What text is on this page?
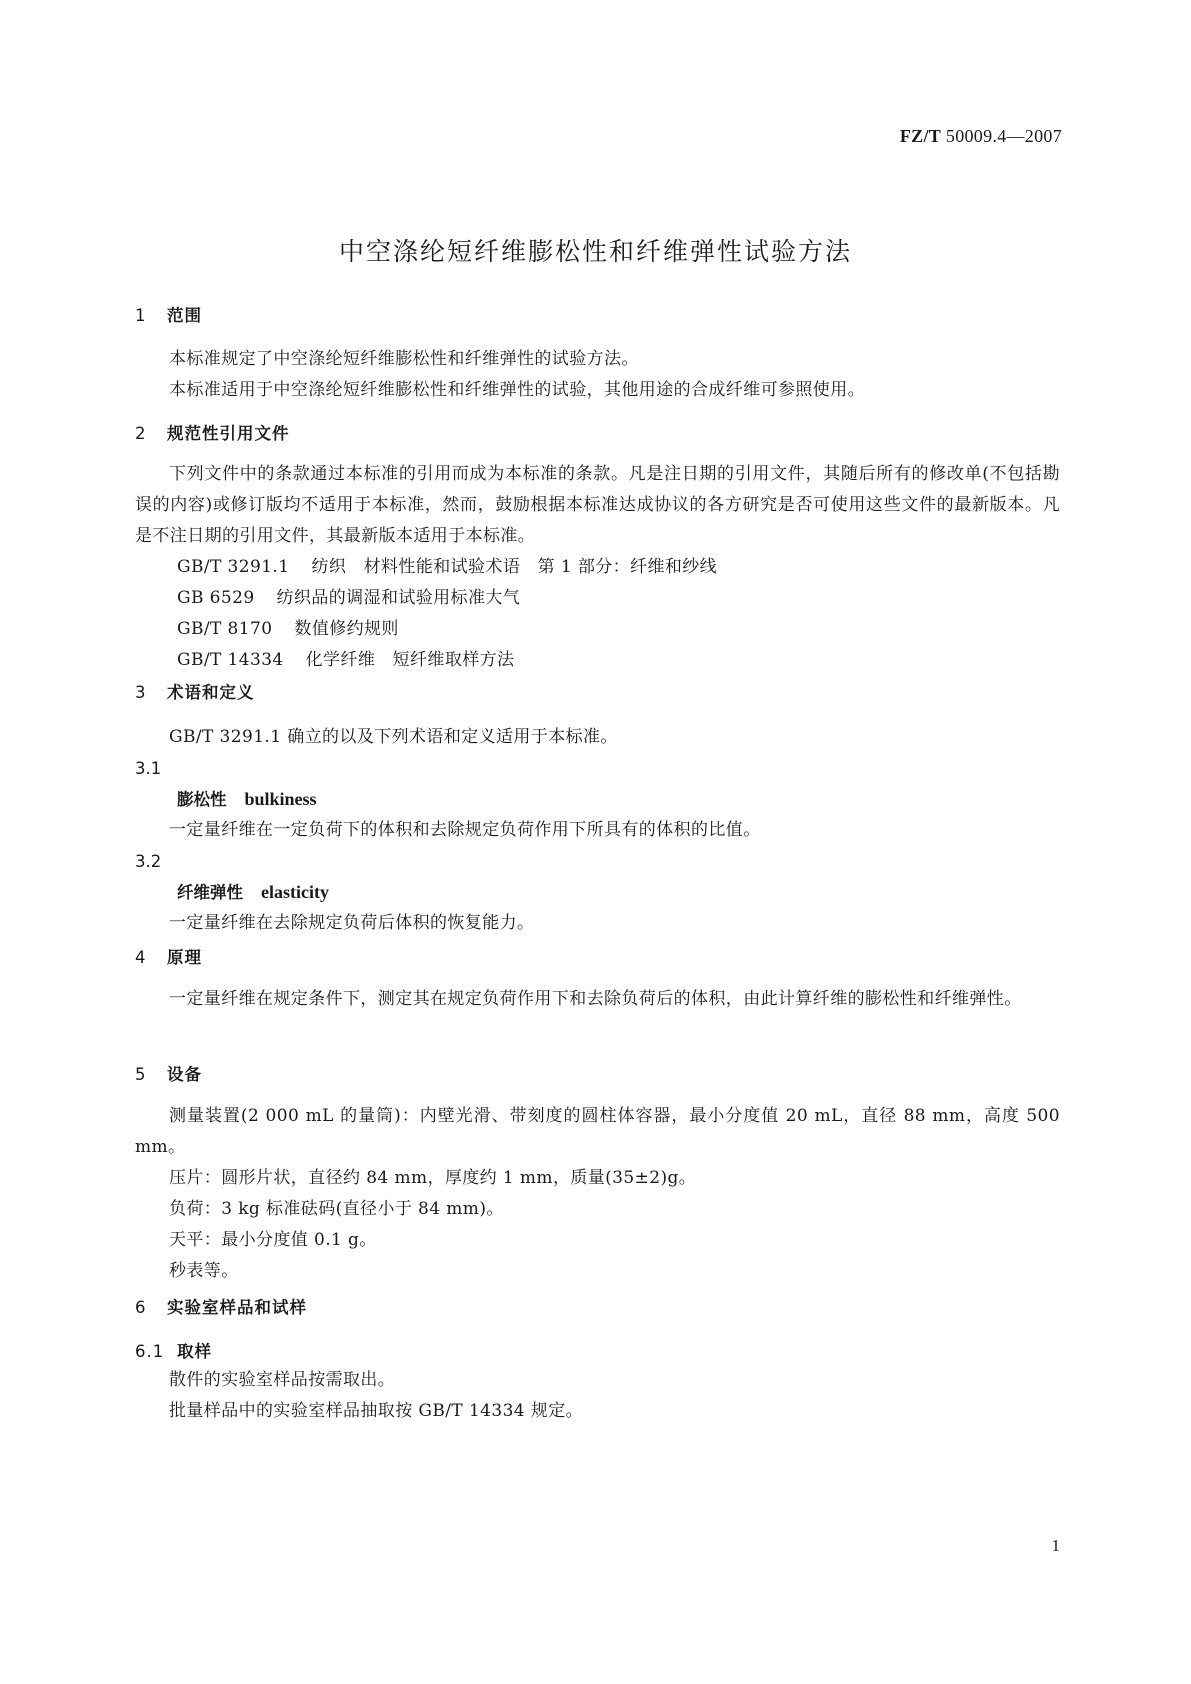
FZ/T 50009.4—2007
中空涤纶短纤维膨松性和纤维弹性试验方法
1 范围
本标准规定了中空涤纶短纤维膨松性和纤维弹性的试验方法。
本标准适用于中空涤纶短纤维膨松性和纤维弹性的试验，其他用途的合成纤维可参照使用。
2 规范性引用文件
下列文件中的条款通过本标准的引用而成为本标准的条款。凡是注日期的引用文件，其随后所有的修改单(不包括勘误的内容)或修订版均不适用于本标准，然而，鼓励根据本标准达成协议的各方研究是否可使用这些文件的最新版本。凡是不注日期的引用文件，其最新版本适用于本标准。
GB/T 3291.1 纺织　材料性能和试验术语　第 1 部分：纤维和纱线
GB 6529 纺织品的调湿和试验用标准大气
GB/T 8170 数值修约规则
GB/T 14334 化学纤维　短纤维取样方法
3 术语和定义
GB/T 3291.1 确立的以及下列术语和定义适用于本标准。
3.1
膨松性 bulkiness
一定量纤维在一定负荷下的体积和去除规定负荷作用下所具有的体积的比值。
3.2
纤维弹性 elasticity
一定量纤维在去除规定负荷后体积的恢复能力。
4 原理
一定量纤维在规定条件下，测定其在规定负荷作用下和去除负荷后的体积，由此计算纤维的膨松性和纤维弹性。
5 设备
测量装置(2 000 mL 的量筒)：内壁光滑、带刻度的圆柱体容器，最小分度值 20 mL，直径 88 mm，高度 500 mm。
压片：圆形片状，直径约 84 mm，厚度约 1 mm，质量(35±2)g。
负荷：3 kg 标准砝码(直径小于 84 mm)。
天平：最小分度值 0.1 g。
秒表等。
6 实验室样品和试样
6.1 取样
散件的实验室样品按需取出。
批量样品中的实验室样品抽取按 GB/T 14334 规定。
1
